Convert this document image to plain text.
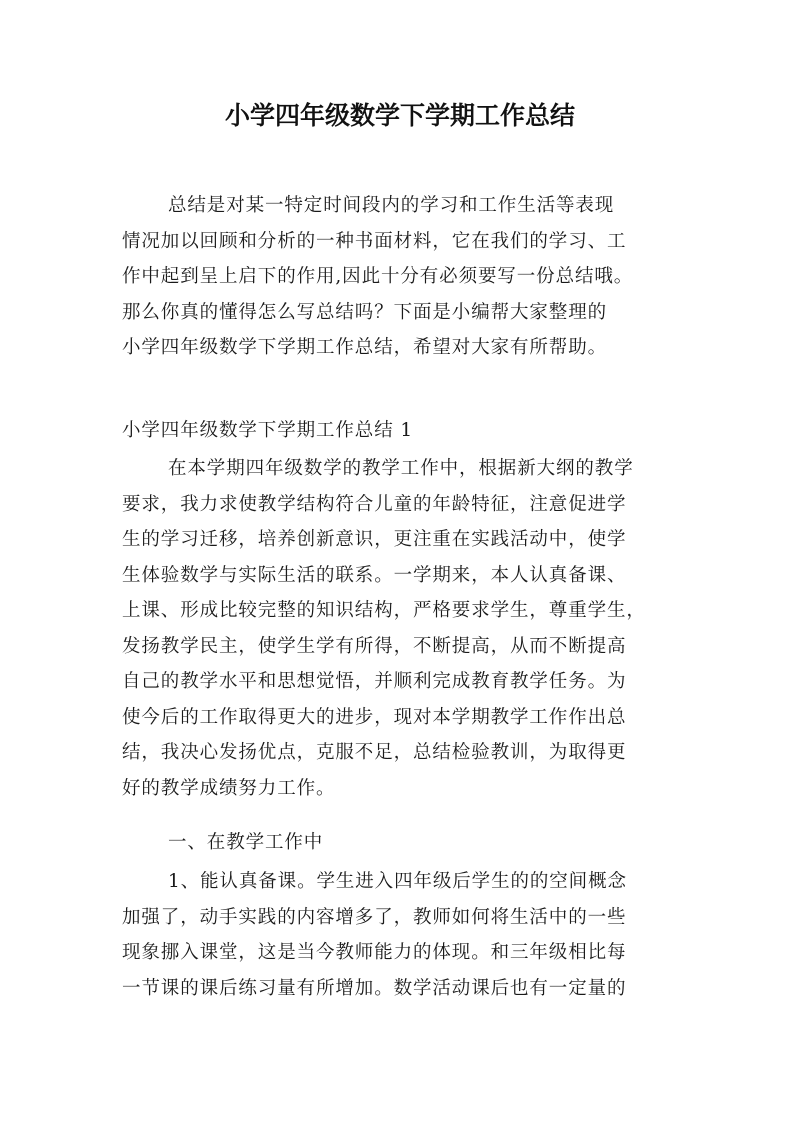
小学四年级数学下学期工作总结
总结是对某一特定时间段内的学习和工作生活等表现
情况加以回顾和分析的一种书面材料，它在我们的学习、工
作中起到呈上启下的作用,因此十分有必须要写一份总结哦。
那么你真的懂得怎么写总结吗？下面是小编帮大家整理的
小学四年级数学下学期工作总结，希望对大家有所帮助。
小学四年级数学下学期工作总结 1
在本学期四年级数学的教学工作中，根据新大纲的教学
要求，我力求使教学结构符合儿童的年龄特征，注意促进学
生的学习迁移，培养创新意识，更注重在实践活动中，使学
生体验数学与实际生活的联系。一学期来，本人认真备课、
上课、形成比较完整的知识结构，严格要求学生，尊重学生，
发扬教学民主，使学生学有所得，不断提高，从而不断提高
自己的教学水平和思想觉悟，并顺利完成教育教学任务。为
使今后的工作取得更大的进步，现对本学期教学工作作出总
结，我决心发扬优点，克服不足，总结检验教训，为取得更
好的教学成绩努力工作。
一、在教学工作中
1、能认真备课。学生进入四年级后学生的的空间概念
加强了，动手实践的内容增多了，教师如何将生活中的一些
现象挪入课堂，这是当今教师能力的体现。和三年级相比每
一节课的课后练习量有所增加。数学活动课后也有一定量的
